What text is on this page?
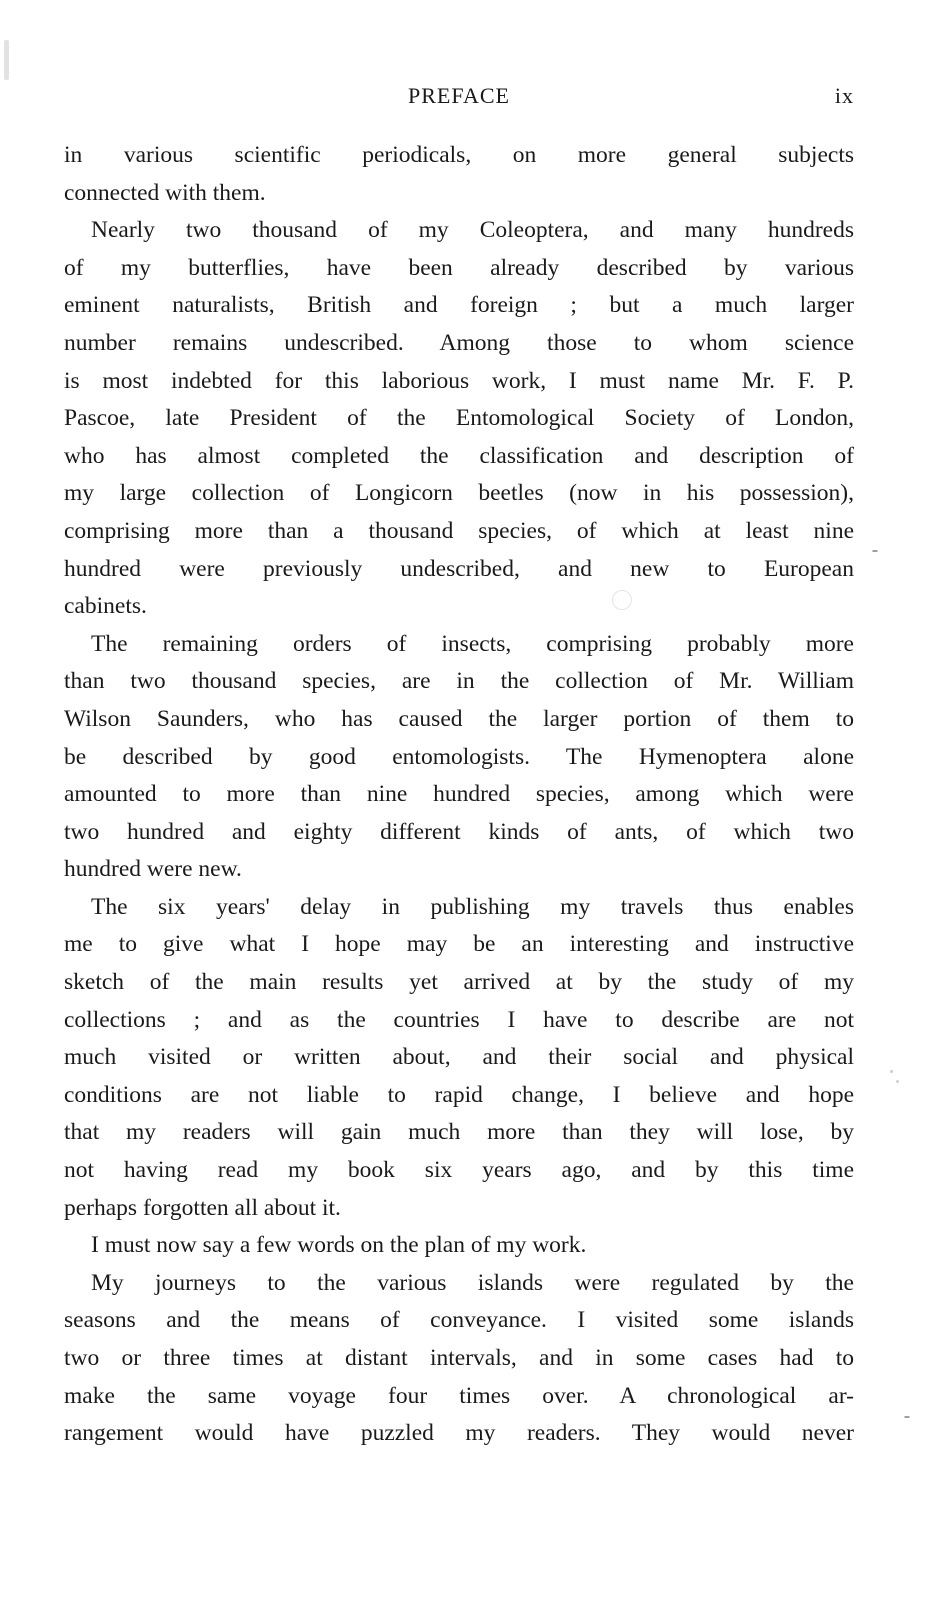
PREFACE	ix
in various scientific periodicals, on more general subjects
connected with them.
Nearly two thousand of my Coleoptera, and many hundreds
of my butterflies, have been already described by various
eminent naturalists, British and foreign ; but a much larger
number remains undescribed. Among those to whom science
is most indebted for this laborious work, I must name Mr. F. P.
Pascoe, late President of the Entomological Society of London,
who has almost completed the classification and description of
my large collection of Longicorn beetles (now in his possession),
comprising more than a thousand species, of which at least nine
hundred were previously undescribed, and new to European
cabinets.
The remaining orders of insects, comprising probably more
than two thousand species, are in the collection of Mr. William
Wilson Saunders, who has caused the larger portion of them to
be described by good entomologists. The Hymenoptera alone
amounted to more than nine hundred species, among which were
two hundred and eighty different kinds of ants, of which two
hundred were new.
The six years' delay in publishing my travels thus enables
me to give what I hope may be an interesting and instructive
sketch of the main results yet arrived at by the study of my
collections ; and as the countries I have to describe are not
much visited or written about, and their social and physical
conditions are not liable to rapid change, I believe and hope
that my readers will gain much more than they will lose, by
not having read my book six years ago, and by this time
perhaps forgotten all about it.
I must now say a few words on the plan of my work.
My journeys to the various islands were regulated by the
seasons and the means of conveyance. I visited some islands
two or three times at distant intervals, and in some cases had to
make the same voyage four times over. A chronological ar-
rangement would have puzzled my readers. They would never
